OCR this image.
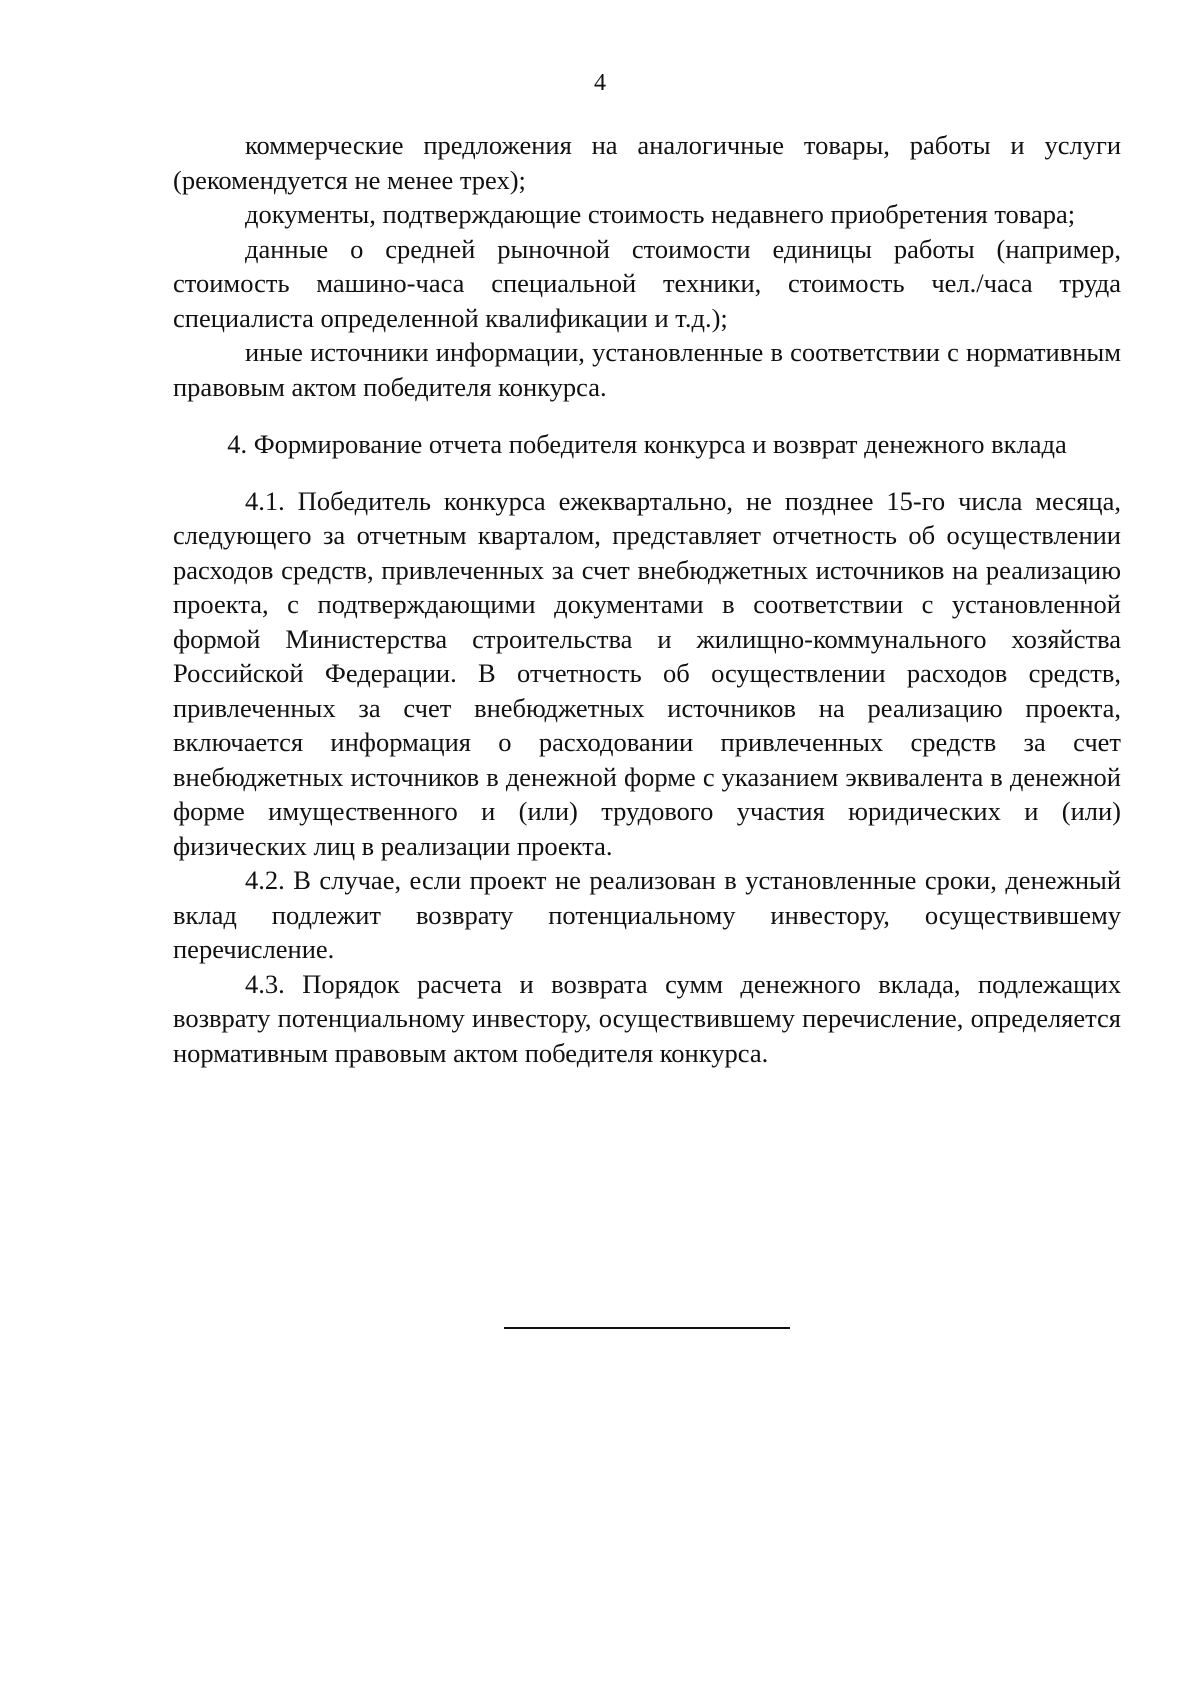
4

коммерческие предложения на аналогичные товары, работы и услуги (рекомендуется не менее трех);

документы, подтверждающие стоимость недавнего приобретения товара;

данные о средней рыночной стоимости единицы работы (например, стоимость машино-часа специальной техники, стоимость чел./часа труда специалиста определенной квалификации и т.д.);

иные источники информации, установленные в соответствии с нормативным правовым актом победителя конкурса.

4. Формирование отчета победителя конкурса и возврат денежного вклада

4.1. Победитель конкурса ежеквартально, не позднее 15-го числа месяца, следующего за отчетным кварталом, представляет отчетность об осуществлении расходов средств, привлеченных за счет внебюджетных источников на реализацию проекта, с подтверждающими документами в соответствии с установленной формой Министерства строительства и жилищно-коммунального хозяйства Российской Федерации. В отчетность об осуществлении расходов средств, привлеченных за счет внебюджетных источников на реализацию проекта, включается информация о расходовании привлеченных средств за счет внебюджетных источников в денежной форме с указанием эквивалента в денежной форме имущественного и (или) трудового участия юридических и (или) физических лиц в реализации проекта.

4.2. В случае, если проект не реализован в установленные сроки, денежный вклад подлежит возврату потенциальному инвестору, осуществившему перечисление.

4.3. Порядок расчета и возврата сумм денежного вклада, подлежащих возврату потенциальному инвестору, осуществившему перечисление, определяется нормативным правовым актом победителя конкурса.
